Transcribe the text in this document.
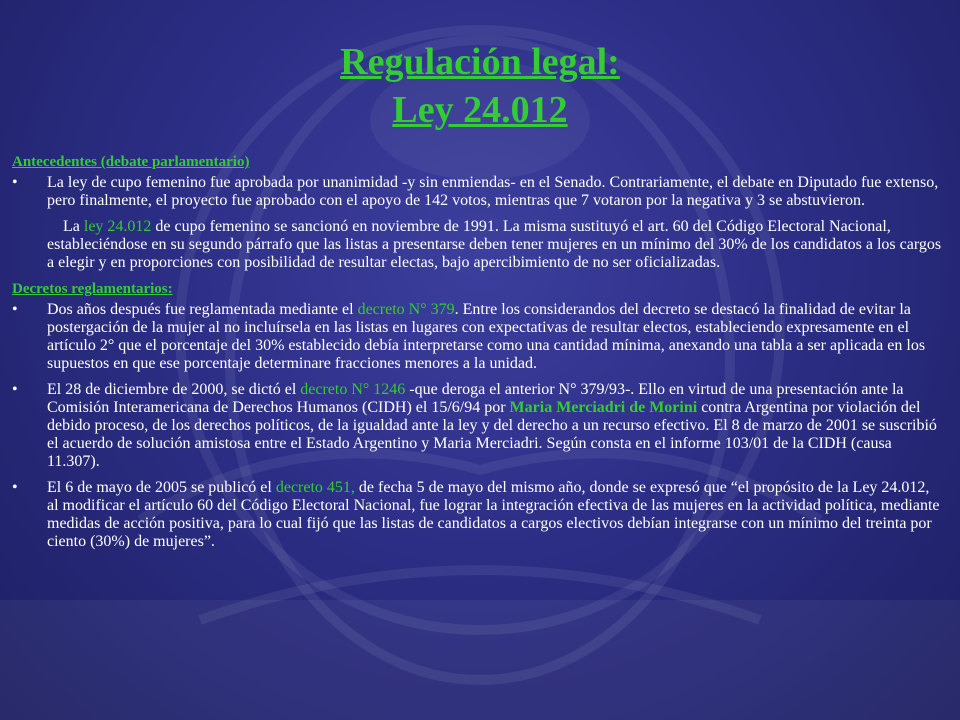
Regulación legal:
Ley 24.012
Antecedentes (debate parlamentario)
• La ley de cupo femenino fue aprobada por unanimidad -y sin enmiendas- en el Senado. Contrariamente, el debate en Diputado fue extenso, pero finalmente, el proyecto fue aprobado con el apoyo de 142 votos, mientras que 7 votaron por la negativa y 3 se abstuvieron.
La ley 24.012 de cupo femenino se sancionó en noviembre de 1991. La misma sustituyó el art. 60 del Código Electoral Nacional, estableciéndose en su segundo párrafo que las listas a presentarse deben tener mujeres en un mínimo del 30% de los candidatos a los cargos a elegir y en proporciones con posibilidad de resultar electas, bajo apercibimiento de no ser oficializadas.
Decretos reglamentarios:
• Dos años después fue reglamentada mediante el decreto N° 379. Entre los considerandos del decreto se destacó la finalidad de evitar la postergación de la mujer al no incluírsela en las listas en lugares con expectativas de resultar electos, estableciendo expresamente en el artículo 2° que el porcentaje del 30% establecido debía interpretarse como una cantidad mínima, anexando una tabla a ser aplicada en los supuestos en que ese porcentaje determinare fracciones menores a la unidad.
• El 28 de diciembre de 2000, se dictó el decreto N° 1246 -que deroga el anterior N° 379/93-. Ello en virtud de una presentación ante la Comisión Interamericana de Derechos Humanos (CIDH) el 15/6/94 por Maria Merciadri de Morini contra Argentina por violación del debido proceso, de los derechos políticos, de la igualdad ante la ley y del derecho a un recurso efectivo. El 8 de marzo de 2001 se suscribió el acuerdo de solución amistosa entre el Estado Argentino y Maria Merciadri. Según consta en el informe 103/01 de la CIDH (causa 11.307).
• El 6 de mayo de 2005 se publicó el decreto 451, de fecha 5 de mayo del mismo año, donde se expresó que “el propósito de la Ley 24.012, al modificar el artículo 60 del Código Electoral Nacional, fue lograr la integración efectiva de las mujeres en la actividad política, mediante medidas de acción positiva, para lo cual fijó que las listas de candidatos a cargos electivos debían integrarse con un mínimo del treinta por ciento (30%) de mujeres”.
